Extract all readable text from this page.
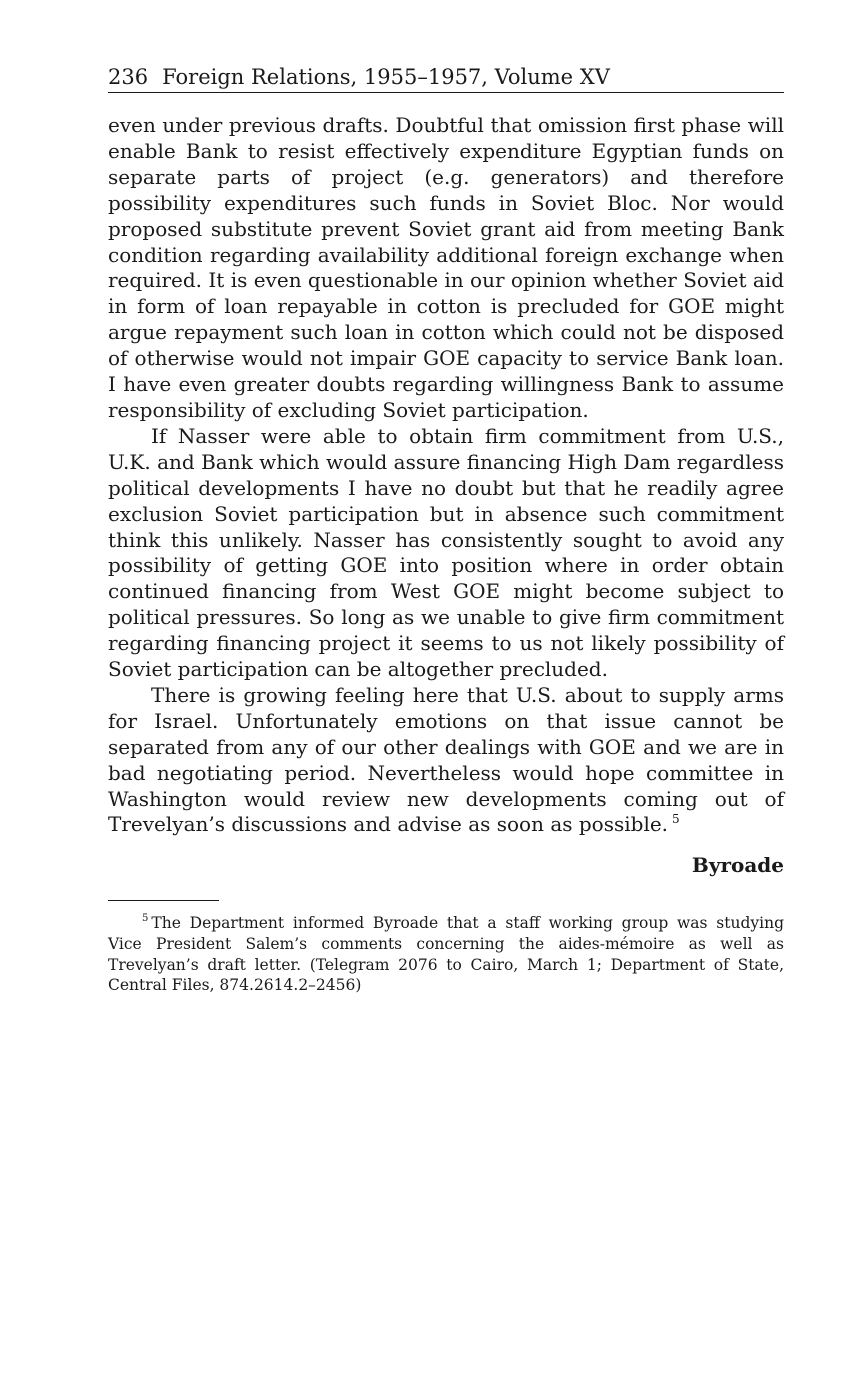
236 Foreign Relations, 1955–1957, Volume XV

even under previous drafts. Doubtful that omission first phase will enable Bank to resist effectively expenditure Egyptian funds on separate parts of project (e.g. generators) and therefore possibility expenditures such funds in Soviet Bloc. Nor would proposed substitute prevent Soviet grant aid from meeting Bank condition regarding availability additional foreign exchange when required. It is even questionable in our opinion whether Soviet aid in form of loan repayable in cotton is precluded for GOE might argue repayment such loan in cotton which could not be disposed of otherwise would not impair GOE capacity to service Bank loan. I have even greater doubts regarding willingness Bank to assume responsibility of excluding Soviet participation.

If Nasser were able to obtain firm commitment from U.S., U.K. and Bank which would assure financing High Dam regardless political developments I have no doubt but that he readily agree exclusion Soviet participation but in absence such commitment think this unlikely. Nasser has consistently sought to avoid any possibility of getting GOE into position where in order obtain continued financing from West GOE might become subject to political pressures. So long as we unable to give firm commitment regarding financing project it seems to us not likely possibility of Soviet participation can be altogether precluded.

There is growing feeling here that U.S. about to supply arms for Israel. Unfortunately emotions on that issue cannot be separated from any of our other dealings with GOE and we are in bad negotiating period. Nevertheless would hope committee in Washington would review new developments coming out of Trevelyan’s discussions and advise as soon as possible. $^5$

Byroade
$^5$ The Department informed Byroade that a staff working group was studying Vice President Salem’s comments concerning the aides-mémoire as well as Trevelyan’s draft letter. (Telegram 2076 to Cairo, March 1; Department of State, Central Files, 874.2614.2–2456)
